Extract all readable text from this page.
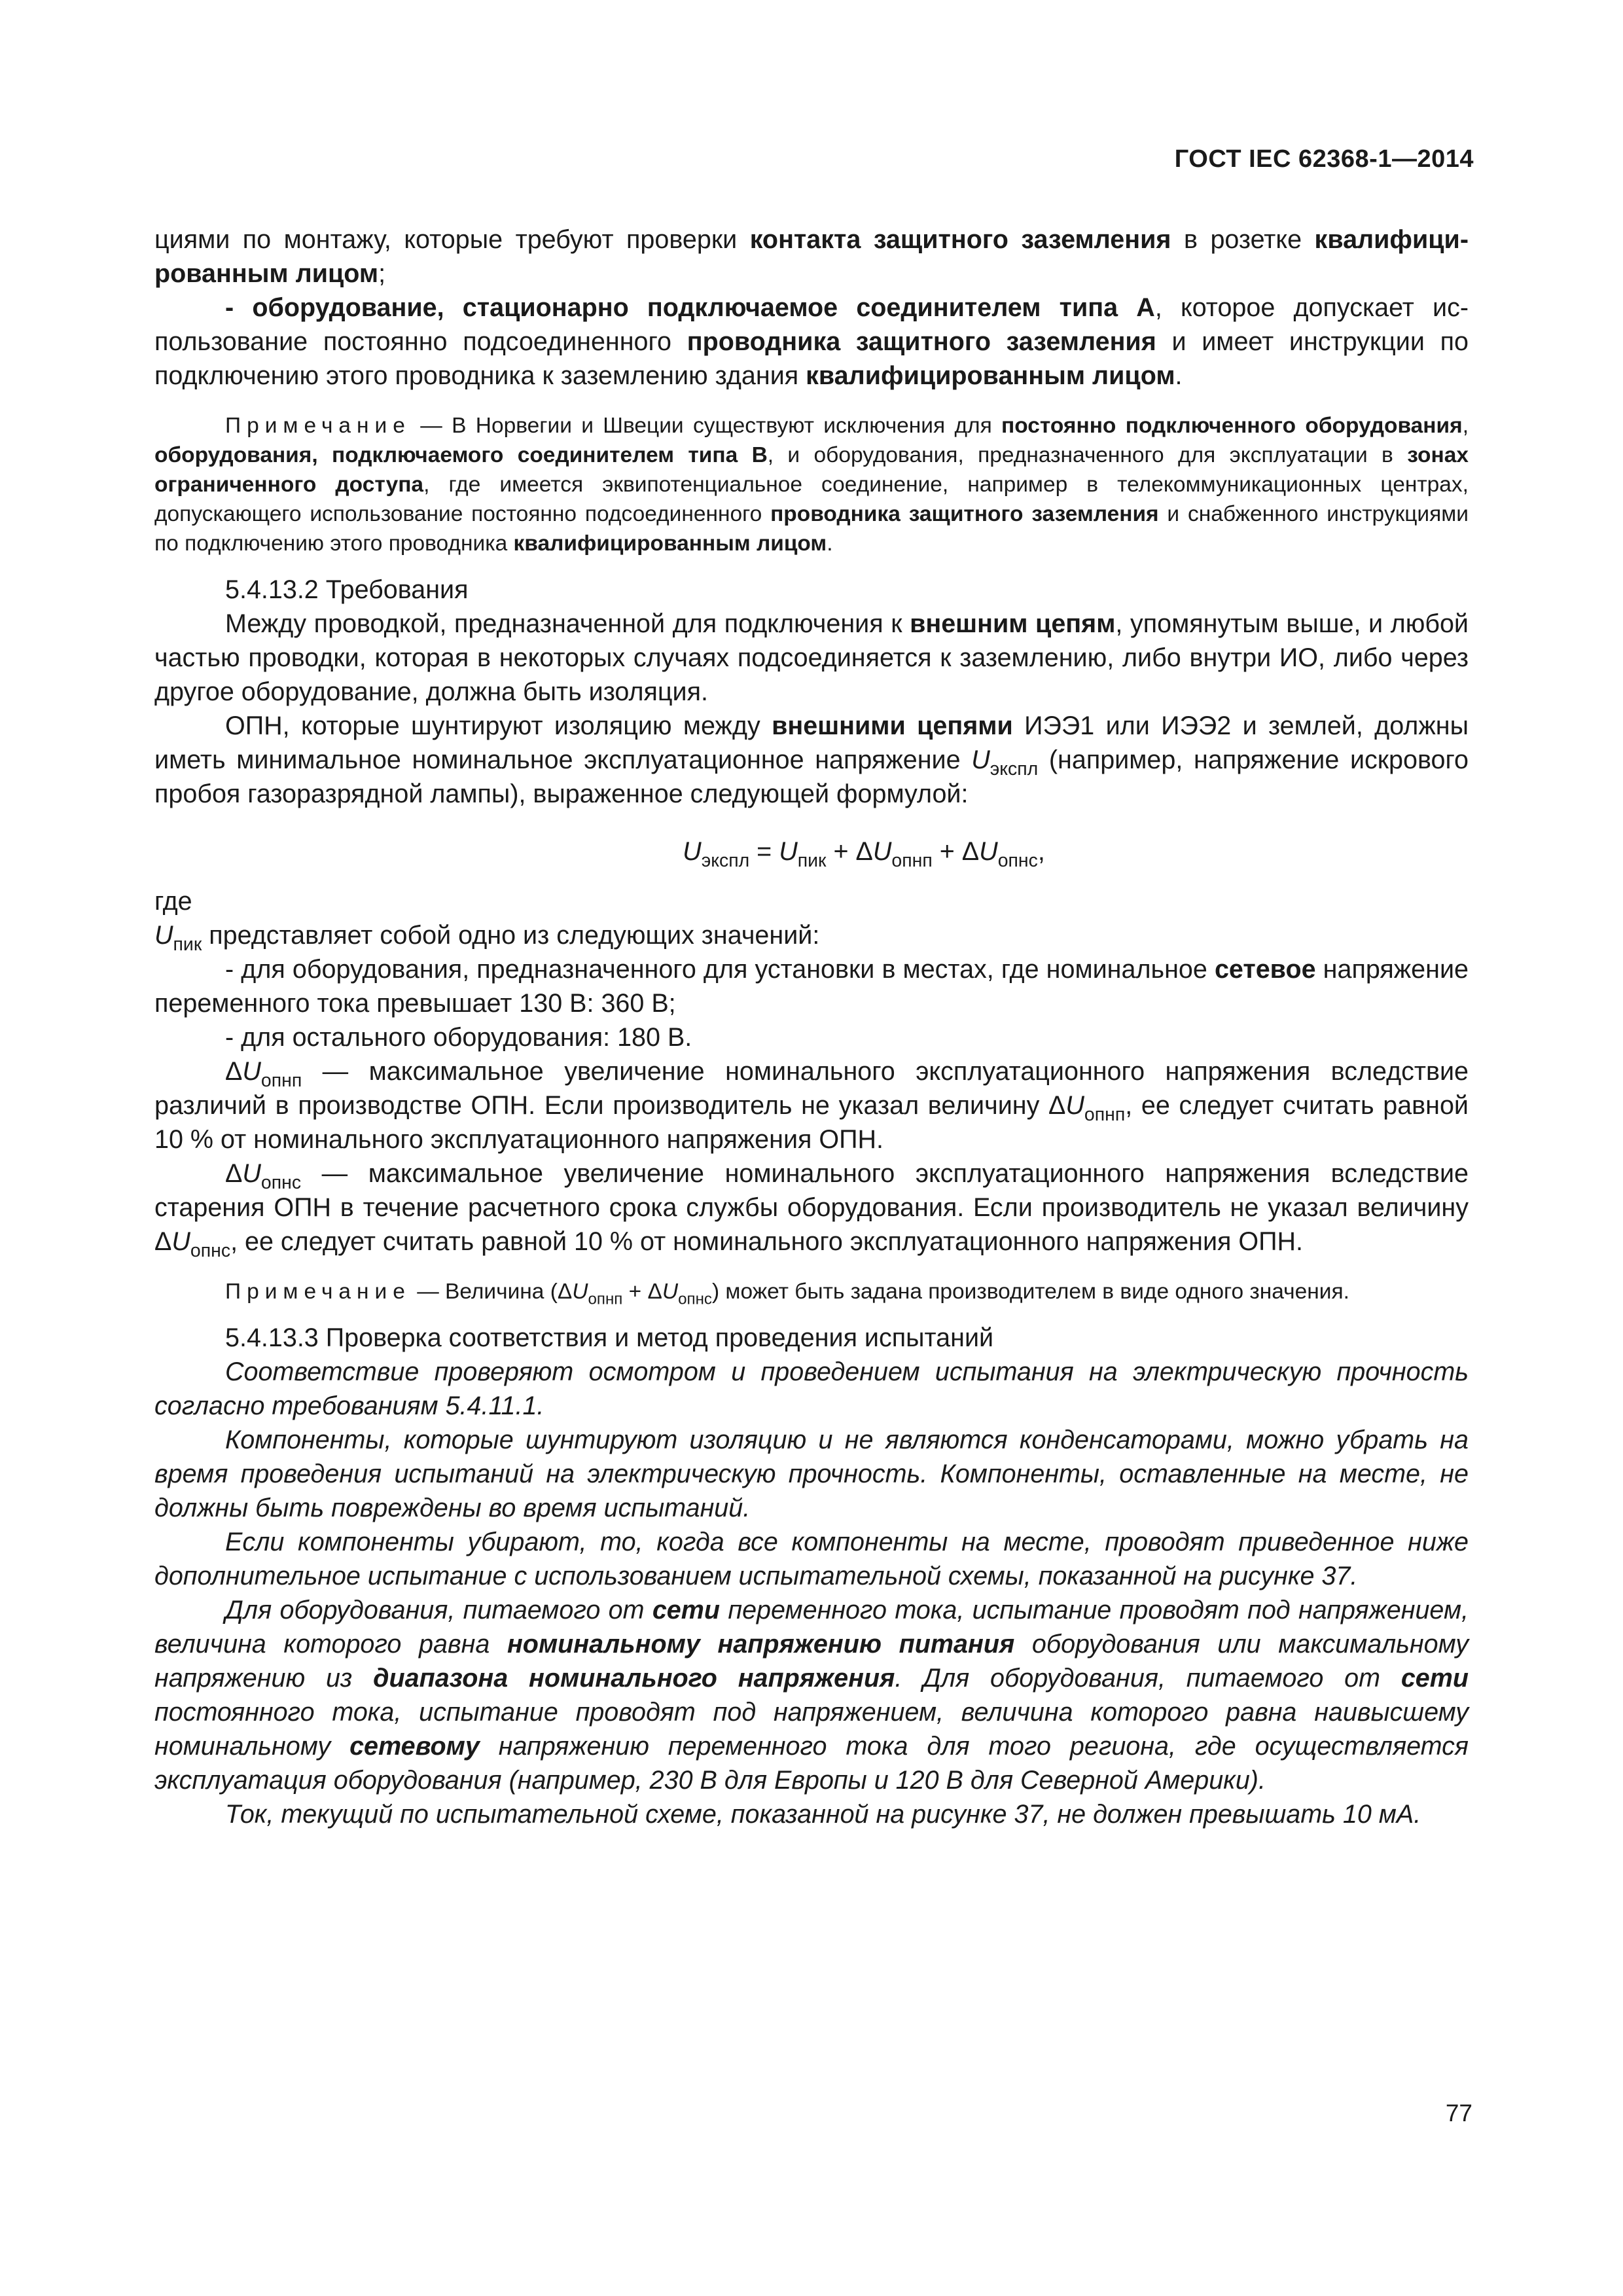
ГОСТ IEC 62368-1—2014

циями по монтажу, которые требуют проверки контакта защитного заземления в розетке квалифицированным лицом;

- оборудование, стационарно подключаемое соединителем типа А, которое допускает использование постоянно подсоединенного проводника защитного заземления и имеет инструкции по подключению этого проводника к заземлению здания квалифицированным лицом.

Примечание — В Норвегии и Швеции существуют исключения для постоянно подключенного оборудования, оборудования, подключаемого соединителем типа В, и оборудования, предназначенного для эксплуатации в зонах ограниченного доступа, где имеется эквипотенциальное соединение, например в телекоммуникационных центрах, допускающего использование постоянно подсоединенного проводника защитного заземления и снабженного инструкциями по подключению этого проводника квалифицированным лицом.

5.4.13.2 Требования

Между проводкой, предназначенной для подключения к внешним цепям, упомянутым выше, и любой частью проводки, которая в некоторых случаях подсоединяется к заземлению, либо внутри ИО, либо через другое оборудование, должна быть изоляция.

ОПН, которые шунтируют изоляцию между внешними цепями ИЭЭ1 или ИЭЭ2 и землей, должны иметь минимальное номинальное эксплуатационное напряжение $U_{экспл}$ (например, напряжение искрового пробоя газоразрядной лампы), выраженное следующей формулой:

$U_{экспл} = U_{пик} + \Delta U_{опнп} + \Delta U_{опнс}$,

где

$U_{пик}$ представляет собой одно из следующих значений:

- для оборудования, предназначенного для установки в местах, где номинальное сетевое напряжение переменного тока превышает 130 В: 360 В;

- для остального оборудования: 180 В.

$\Delta U_{опнп}$ — максимальное увеличение номинального эксплуатационного напряжения вследствие различий в производстве ОПН. Если производитель не указал величину $\Delta U_{опнп}$, ее следует считать равной 10 % от номинального эксплуатационного напряжения ОПН.

$\Delta U_{опнс}$ — максимальное увеличение номинального эксплуатационного напряжения вследствие старения ОПН в течение расчетного срока службы оборудования. Если производитель не указал величину $\Delta U_{опнс}$, ее следует считать равной 10 % от номинального эксплуатационного напряжения ОПН.

Примечание — Величина $(\Delta U_{опнп} + \Delta U_{опнс})$ может быть задана производителем в виде одного значения.

5.4.13.3 Проверка соответствия и метод проведения испытаний

Соответствие проверяют осмотром и проведением испытания на электрическую прочность согласно требованиям 5.4.11.1.

Компоненты, которые шунтируют изоляцию и не являются конденсаторами, можно убрать на время проведения испытаний на электрическую прочность. Компоненты, оставленные на месте, не должны быть повреждены во время испытаний.

Если компоненты убирают, то, когда все компоненты на месте, проводят приведенное ниже дополнительное испытание с использованием испытательной схемы, показанной на рисунке 37.

Для оборудования, питаемого от сети переменного тока, испытание проводят под напряжением, величина которого равна номинальному напряжению питания оборудования или максимальному напряжению из диапазона номинального напряжения. Для оборудования, питаемого от сети постоянного тока, испытание проводят под напряжением, величина которого равна наивысшему номинальному сетевому напряжению переменного тока для того региона, где осуществляется эксплуатация оборудования (например, 230 В для Европы и 120 В для Северной Америки).

Ток, текущий по испытательной схеме, показанной на рисунке 37, не должен превышать 10 мА.

77
